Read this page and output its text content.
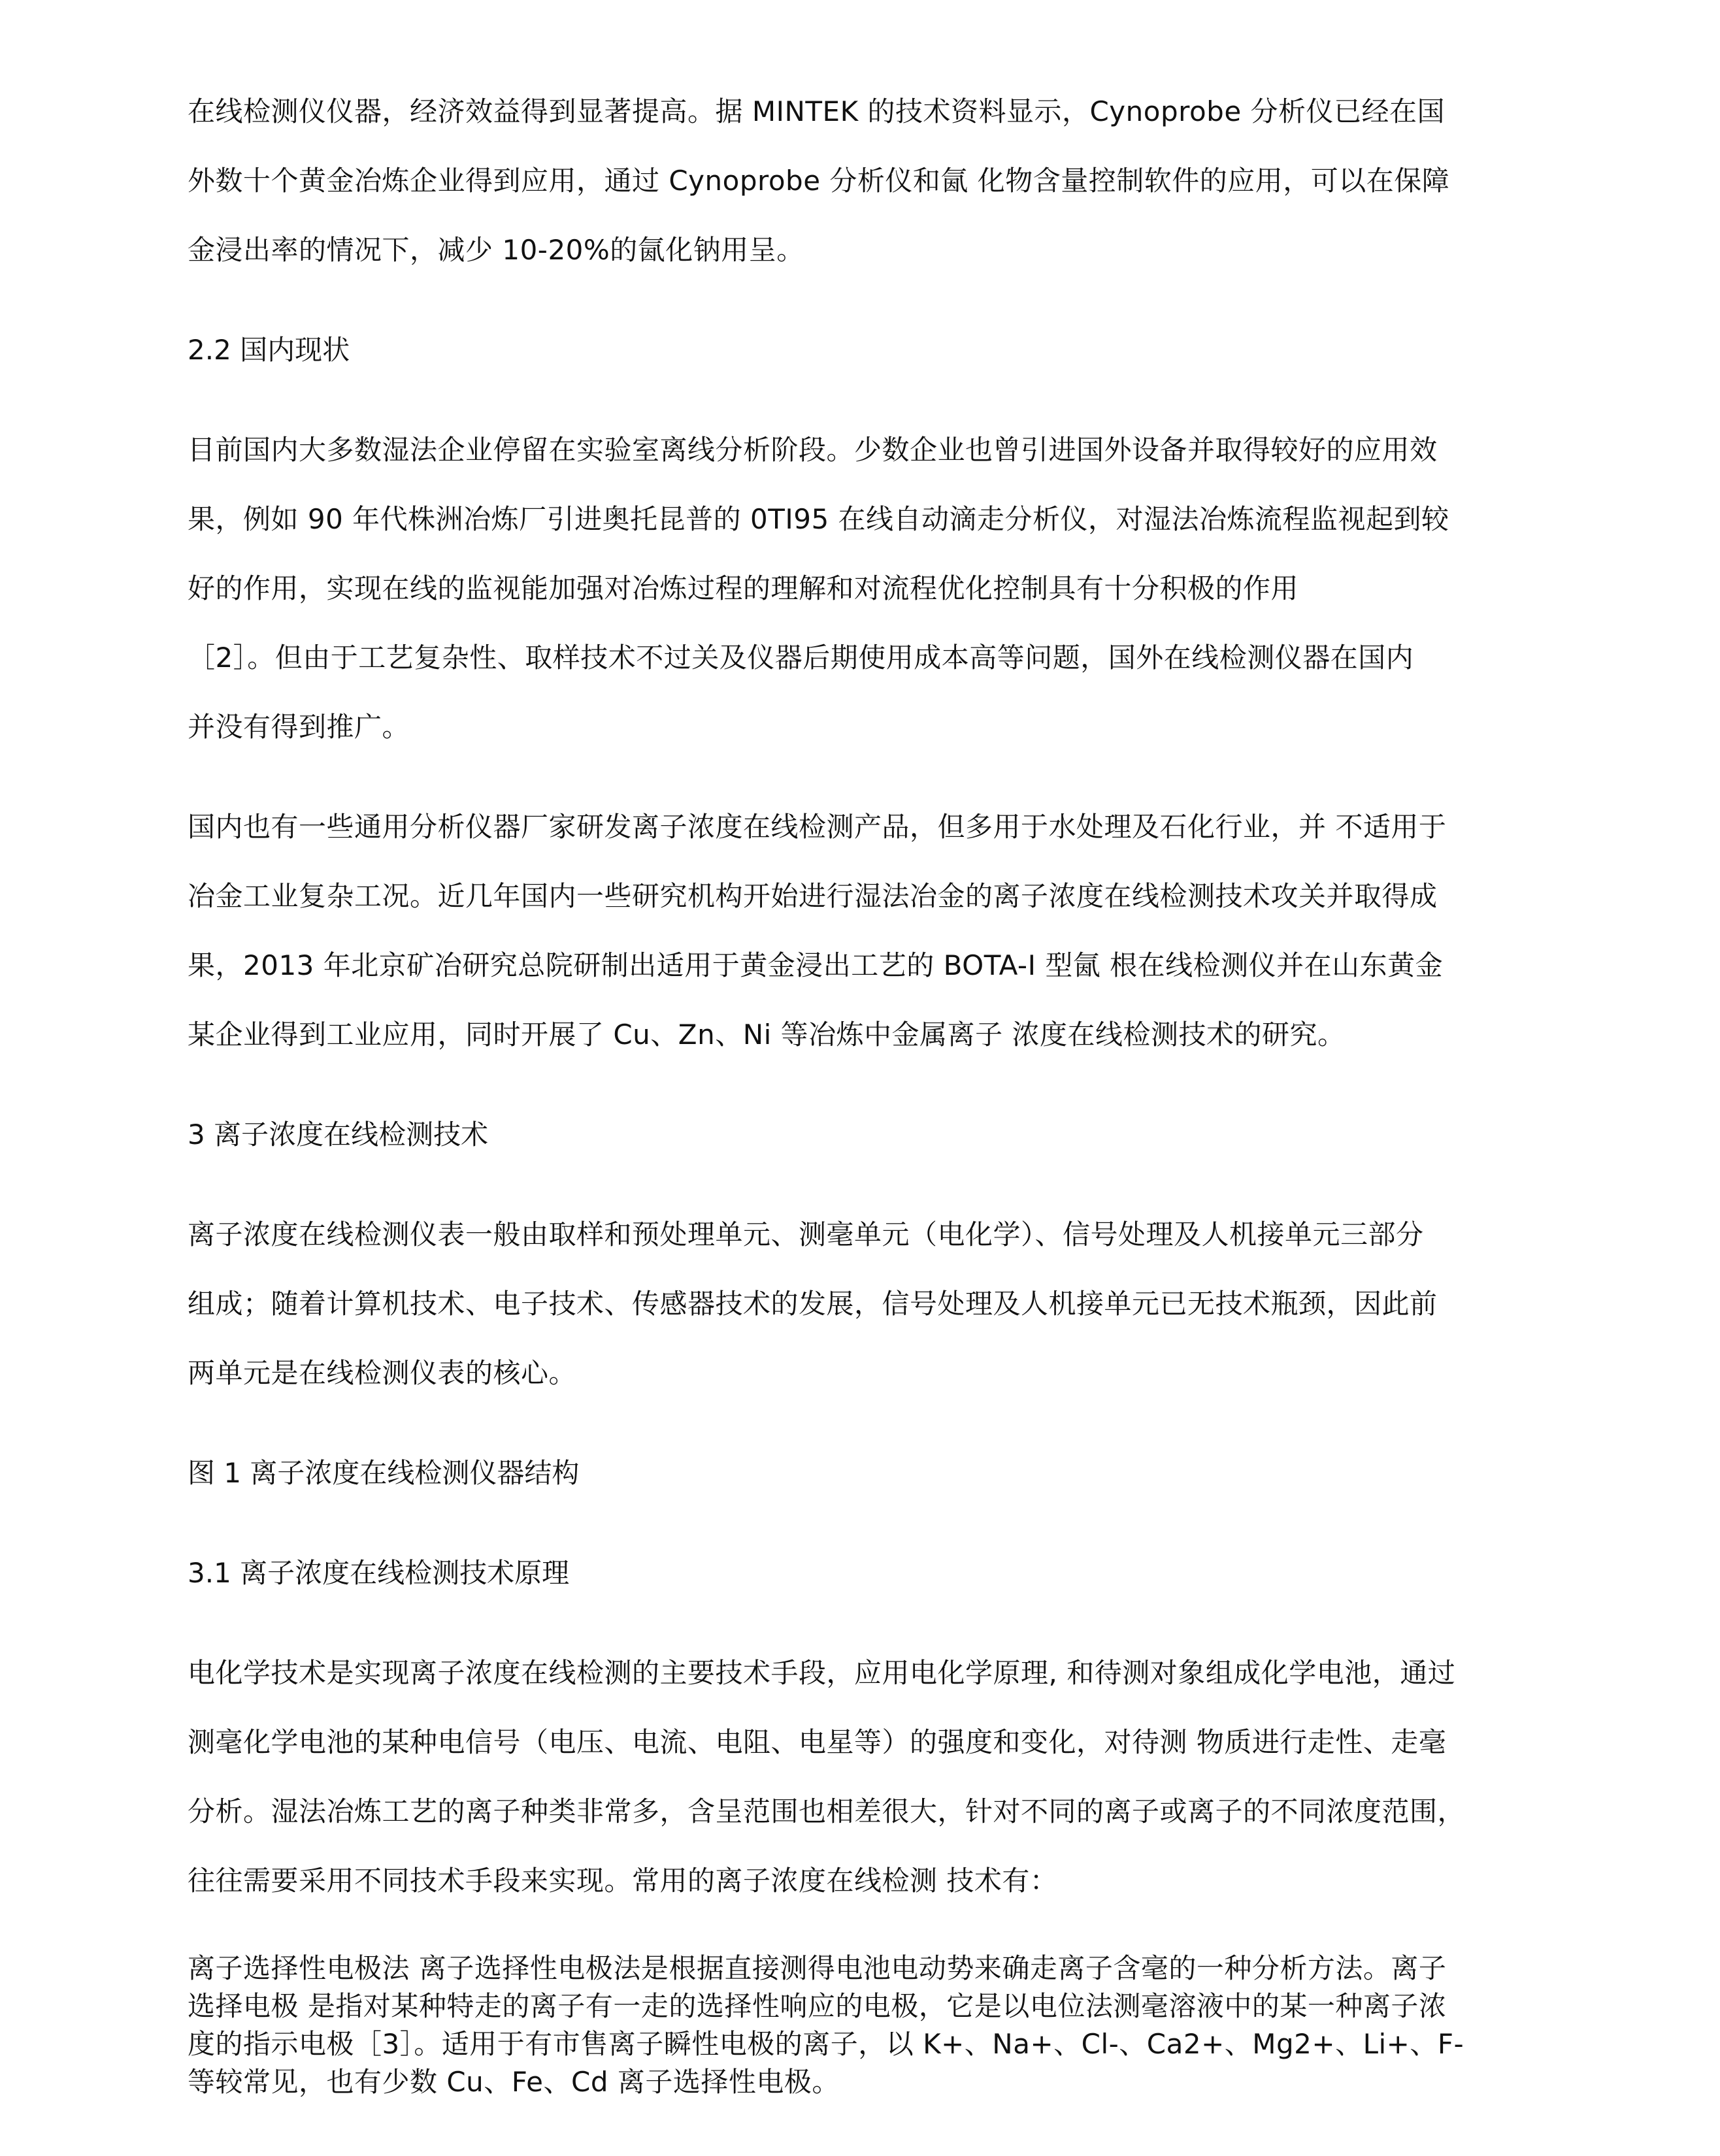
在线检测仪仪器，经济效益得到显著提高。据 MINTEK 的技术资料显示，Cynoprobe 分析仪已经在国

外数十个黄金冶炼企业得到应用，通过 Cynoprobe 分析仪和氤 化物含量控制软件的应用，可以在保障

金浸出率的情况下，减少 10-20%的氤化钠用呈。

2.2 国内现状

目前国内大多数湿法企业停留在实验室离线分析阶段。少数企业也曾引进国外设备并取得较好的应用效

果，例如 90 年代株洲冶炼厂引进奥托昆普的 0TI95 在线自动滴走分析仪，对湿法冶炼流程监视起到较

好的作用，实现在线的监视能加强对冶炼过程的理解和对流程优化控制具有十分积极的作用

［2］。但由于工艺复杂性、取样技术不过关及仪器后期使用成本高等问题，国外在线检测仪器在国内

并没有得到推广。

国内也有一些通用分析仪器厂家研发离子浓度在线检测产品，但多用于水处理及石化行业，并 不适用于

冶金工业复杂工况。近几年国内一些研究机构开始进行湿法冶金的离子浓度在线检测技术攻关并取得成

果，2013 年北京矿冶研究总院研制出适用于黄金浸出工艺的 BOTA-I 型氤 根在线检测仪并在山东黄金

某企业得到工业应用，同时开展了 Cu、Zn、Ni 等冶炼中金属离子 浓度在线检测技术的研究。

3 离子浓度在线检测技术

离子浓度在线检测仪表一般由取样和预处理单元、测毫单元（电化学）、信号处理及人机接单元三部分

组成；随着计算机技术、电子技术、传感器技术的发展，信号处理及人机接单元已无技术瓶颈，因此前

两单元是在线检测仪表的核心。

图 1 离子浓度在线检测仪器结构

3.1 离子浓度在线检测技术原理

电化学技术是实现离子浓度在线检测的主要技术手段，应用电化学原理, 和待测对象组成化学电池，通过

测毫化学电池的某种电信号（电压、电流、电阻、电星等）的强度和变化，对待测 物质进行走性、走毫

分析。湿法冶炼工艺的离子种类非常多，含呈范围也相差很大，针对不同的离子或离子的不同浓度范围，

往往需要采用不同技术手段来实现。常用的离子浓度在线检测 技术有：

离子选择性电极法 离子选择性电极法是根据直接测得电池电动势来确走离子含毫的一种分析方法。离子

选择电极 是指对某种特走的离子有一走的选择性响应的电极，它是以电位法测毫溶液中的某一种离子浓

度的指示电极［3］。适用于有市售离子瞬性电极的离子，以 K+、Na+、Cl-、Ca2+、Mg2+、Li+、F-

等较常见，也有少数 Cu、Fe、Cd 离子选择性电极。
